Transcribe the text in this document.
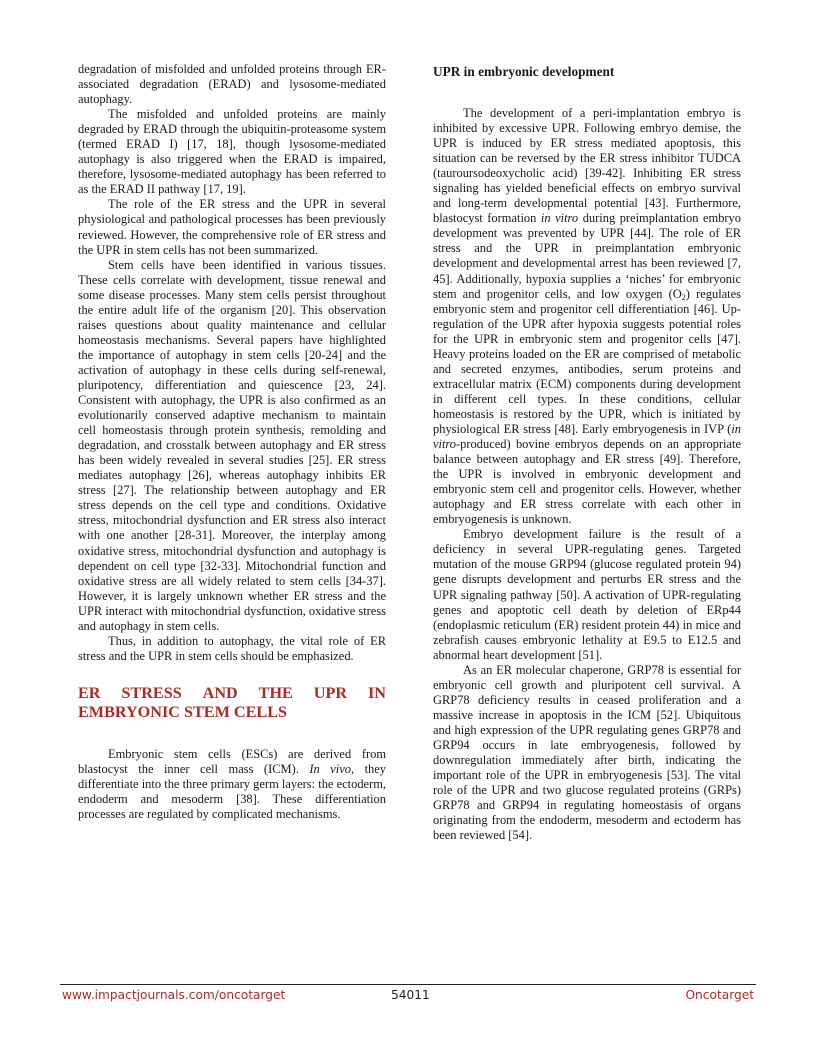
degradation of misfolded and unfolded proteins through ER-associated degradation (ERAD) and lysosome-mediated autophagy.

The misfolded and unfolded proteins are mainly degraded by ERAD through the ubiquitin-proteasome system (termed ERAD I) [17, 18], though lysosome-mediated autophagy is also triggered when the ERAD is impaired, therefore, lysosome-mediated autophagy has been referred to as the ERAD II pathway [17, 19].

The role of the ER stress and the UPR in several physiological and pathological processes has been previously reviewed. However, the comprehensive role of ER stress and the UPR in stem cells has not been summarized.

Stem cells have been identified in various tissues. These cells correlate with development, tissue renewal and some disease processes. Many stem cells persist throughout the entire adult life of the organism [20]. This observation raises questions about quality maintenance and cellular homeostasis mechanisms. Several papers have highlighted the importance of autophagy in stem cells [20-24] and the activation of autophagy in these cells during self-renewal, pluripotency, differentiation and quiescence [23, 24]. Consistent with autophagy, the UPR is also confirmed as an evolutionarily conserved adaptive mechanism to maintain cell homeostasis through protein synthesis, remolding and degradation, and crosstalk between autophagy and ER stress has been widely revealed in several studies [25]. ER stress mediates autophagy [26], whereas autophagy inhibits ER stress [27]. The relationship between autophagy and ER stress depends on the cell type and conditions. Oxidative stress, mitochondrial dysfunction and ER stress also interact with one another [28-31]. Moreover, the interplay among oxidative stress, mitochondrial dysfunction and autophagy is dependent on cell type [32-33]. Mitochondrial function and oxidative stress are all widely related to stem cells [34-37]. However, it is largely unknown whether ER stress and the UPR interact with mitochondrial dysfunction, oxidative stress and autophagy in stem cells.

Thus, in addition to autophagy, the vital role of ER stress and the UPR in stem cells should be emphasized.

ER STRESS AND THE UPR IN
EMBRYONIC STEM CELLS

Embryonic stem cells (ESCs) are derived from blastocyst the inner cell mass (ICM). In vivo, they differentiate into the three primary germ layers: the ectoderm, endoderm and mesoderm [38]. These differentiation processes are regulated by complicated mechanisms.

UPR in embryonic development

The development of a peri-implantation embryo is inhibited by excessive UPR. Following embryo demise, the UPR is induced by ER stress mediated apoptosis, this situation can be reversed by the ER stress inhibitor TUDCA (tauroursodeoxycholic acid) [39-42]. Inhibiting ER stress signaling has yielded beneficial effects on embryo survival and long-term developmental potential [43]. Furthermore, blastocyst formation in vitro during preimplantation embryo development was prevented by UPR [44]. The role of ER stress and the UPR in preimplantation embryonic development and developmental arrest has been reviewed [7, 45]. Additionally, hypoxia supplies a ‘niches’ for embryonic stem and progenitor cells, and low oxygen $(O_2)$ regulates embryonic stem and progenitor cell differentiation [46]. Up-regulation of the UPR after hypoxia suggests potential roles for the UPR in embryonic stem and progenitor cells [47]. Heavy proteins loaded on the ER are comprised of metabolic and secreted enzymes, antibodies, serum proteins and extracellular matrix (ECM) components during development in different cell types. In these conditions, cellular homeostasis is restored by the UPR, which is initiated by physiological ER stress [48]. Early embryogenesis in IVP (in vitro-produced) bovine embryos depends on an appropriate balance between autophagy and ER stress [49]. Therefore, the UPR is involved in embryonic development and embryonic stem cell and progenitor cells. However, whether autophagy and ER stress correlate with each other in embryogenesis is unknown.

Embryo development failure is the result of a deficiency in several UPR-regulating genes. Targeted mutation of the mouse GRP94 (glucose regulated protein 94) gene disrupts development and perturbs ER stress and the UPR signaling pathway [50]. A activation of UPR-regulating genes and apoptotic cell death by deletion of ERp44 (endoplasmic reticulum (ER) resident protein 44) in mice and zebrafish causes embryonic lethality at E9.5 to E12.5 and abnormal heart development [51].

As an ER molecular chaperone, GRP78 is essential for embryonic cell growth and pluripotent cell survival. A GRP78 deficiency results in ceased proliferation and a massive increase in apoptosis in the ICM [52]. Ubiquitous and high expression of the UPR regulating genes GRP78 and GRP94 occurs in late embryogenesis, followed by downregulation immediately after birth, indicating the important role of the UPR in embryogenesis [53]. The vital role of the UPR and two glucose regulated proteins (GRPs) GRP78 and GRP94 in regulating homeostasis of organs originating from the endoderm, mesoderm and ectoderm has been reviewed [54].

www.impactjournals.com/oncotarget	54011	Oncotarget
